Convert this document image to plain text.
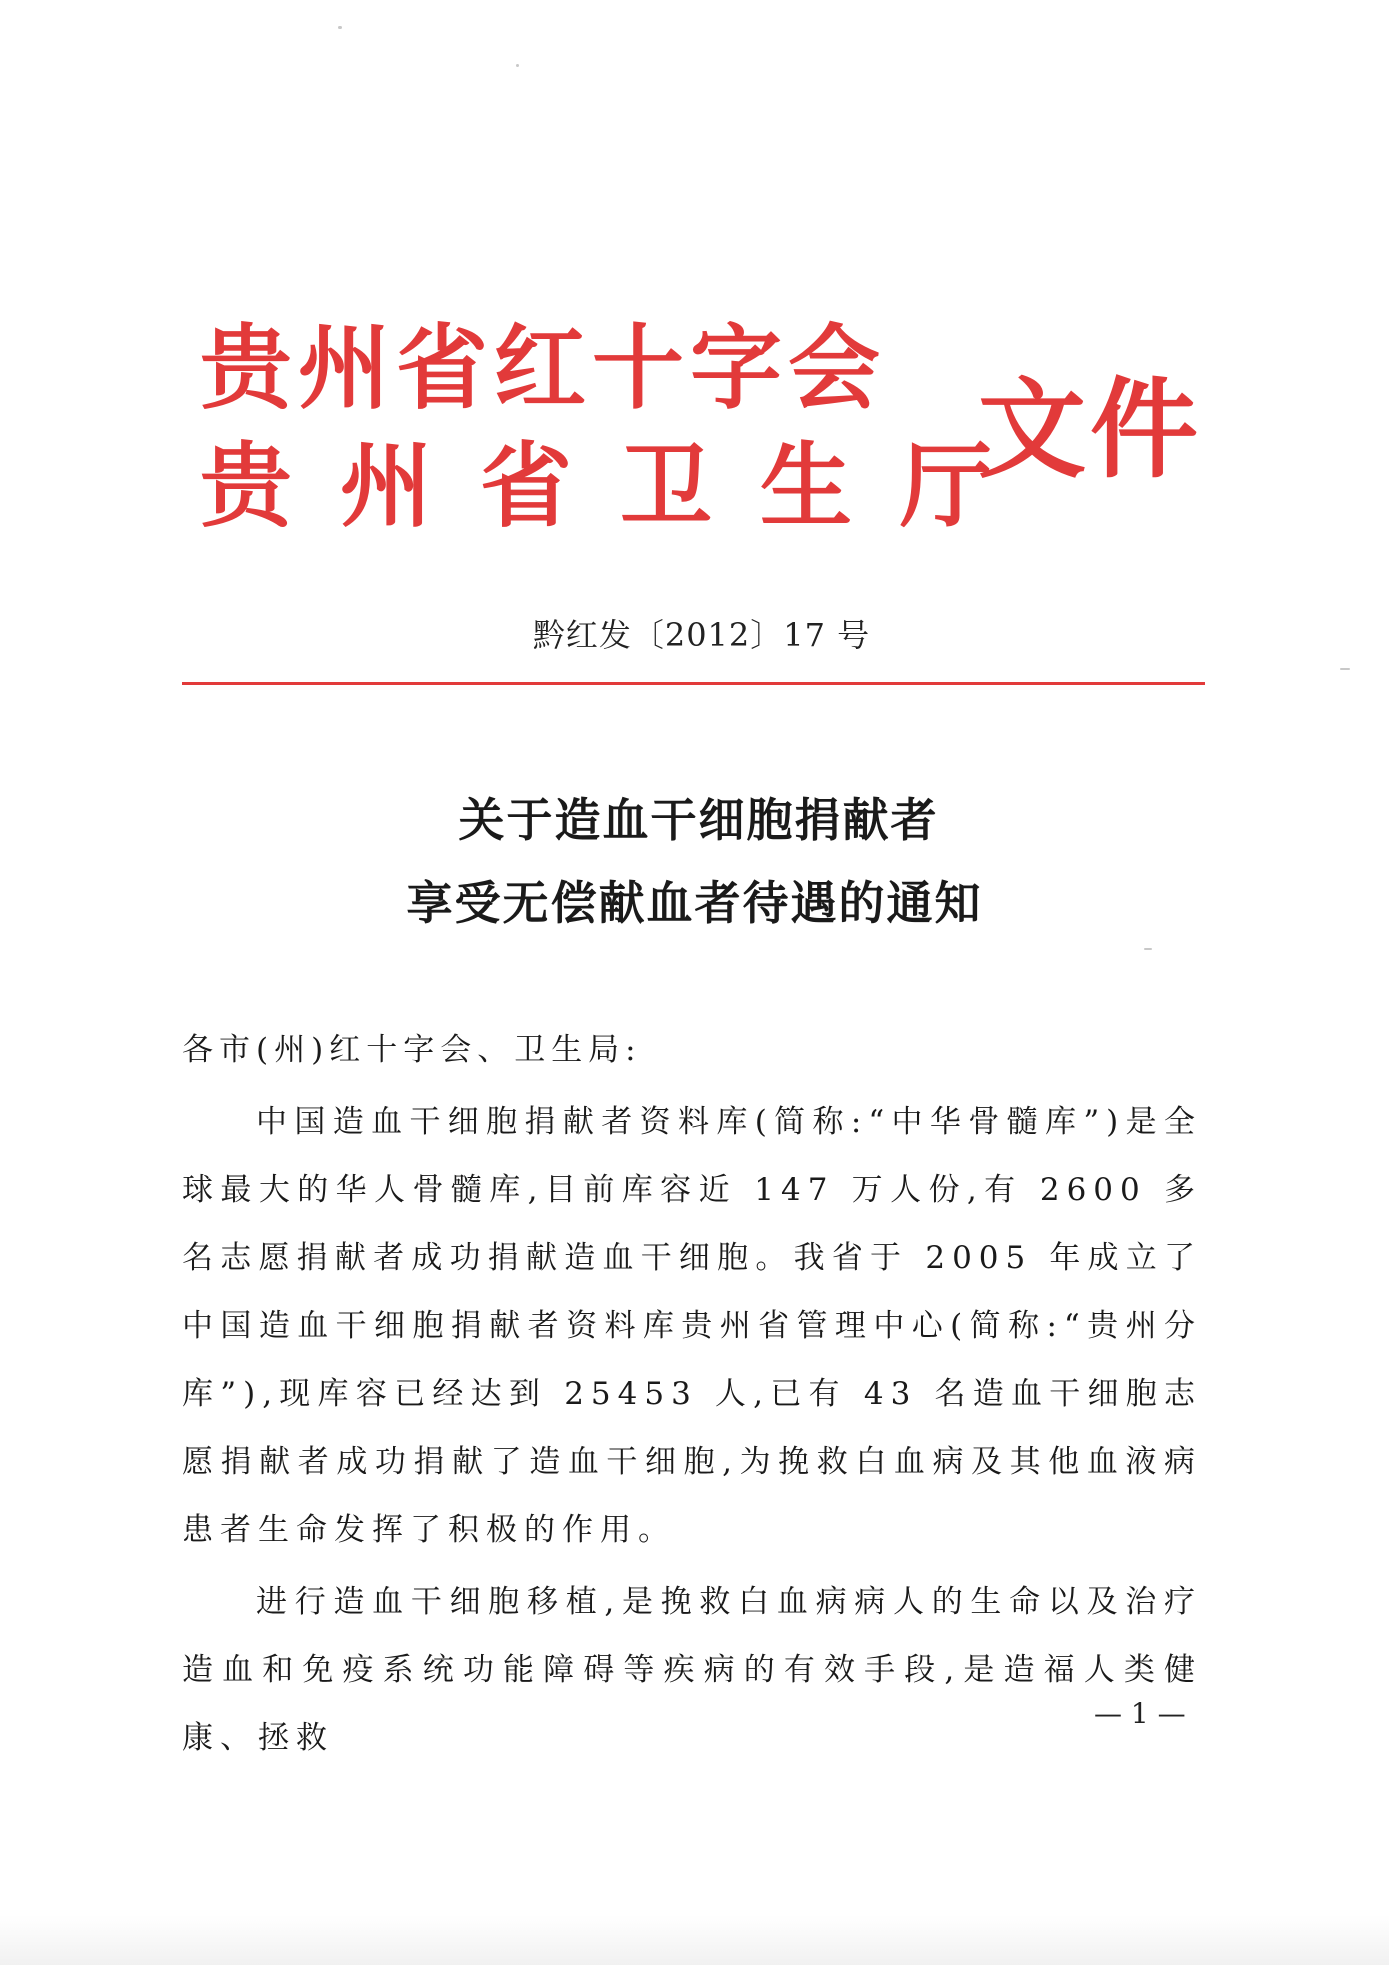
贵州省红十字会
贵州省卫生厅
文件
黔红发〔2012〕17 号
关于造血干细胞捐献者
享受无偿献血者待遇的通知
各市(州)红十字会、卫生局:

中国造血干细胞捐献者资料库(简称:“中华骨髓库”)是全球最大的华人骨髓库,目前库容近 147 万人份,有 2600 多名志愿捐献者成功捐献造血干细胞。我省于 2005 年成立了中国造血干细胞捐献者资料库贵州省管理中心(简称:“贵州分库”),现库容已经达到 25453 人,已有 43 名造血干细胞志愿捐献者成功捐献了造血干细胞,为挽救白血病及其他血液病患者生命发挥了积极的作用。

进行造血干细胞移植,是挽救白血病病人的生命以及治疗造血和免疫系统功能障碍等疾病的有效手段,是造福人类健康、拯救

— 1 —
